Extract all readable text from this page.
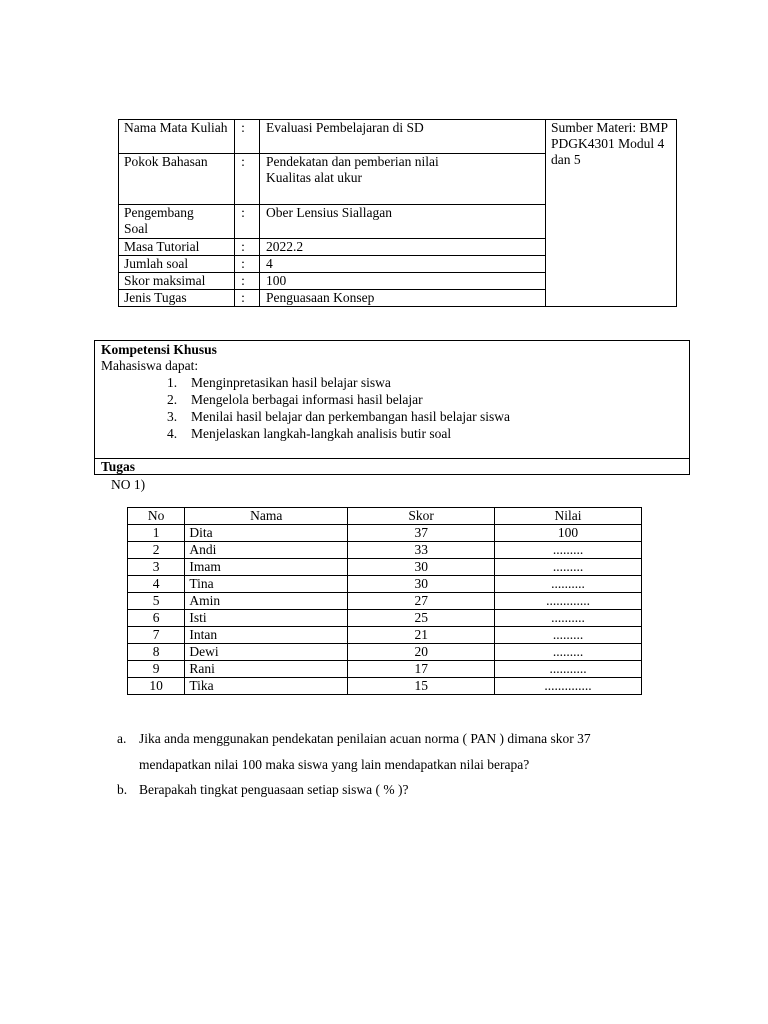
Nama Mata Kuliah	:	Evaluasi Pembelajaran di SD	Sumber Materi: BMP PDGK4301 Modul 4 dan 5

Pokok Bahasan	:	Pendekatan dan pemberian nilai Kualitas alat ukur	

Pengembang Soal	:	Ober Lensius Siallagan	
Masa Tutorial	:	2022.2	
Jumlah soal	:	4	
Skor maksimal	:	100	
Jenis Tugas	:	Penguasaan Konsep	
Kompetensi Khusus
Mahasiswa dapat:
1. Menginpretasikan hasil belajar siswa
2. Mengelola berbagai informasi hasil belajar
3. Menilai hasil belajar dan perkembangan hasil belajar siswa
4. Menjelaskan langkah-langkah analisis butir soal
Tugas
NO 1)
No	Nama	Skor	Nilai
1	Dita	37	100
2	Andi	33	.........
3	Imam	30	.........
4	Tina	30	..........
5	Amin	27	.............
6	Isti	25	..........
7	Intan	21	.........
8	Dewi	20	.........
9	Rani	17	...........
10	Tika	15	..............
a. Jika anda menggunakan pendekatan penilaian acuan norma ( PAN ) dimana skor 37
mendapatkan nilai 100 maka siswa yang lain mendapatkan nilai berapa?
b. Berapakah tingkat penguasaan setiap siswa ( % )?
